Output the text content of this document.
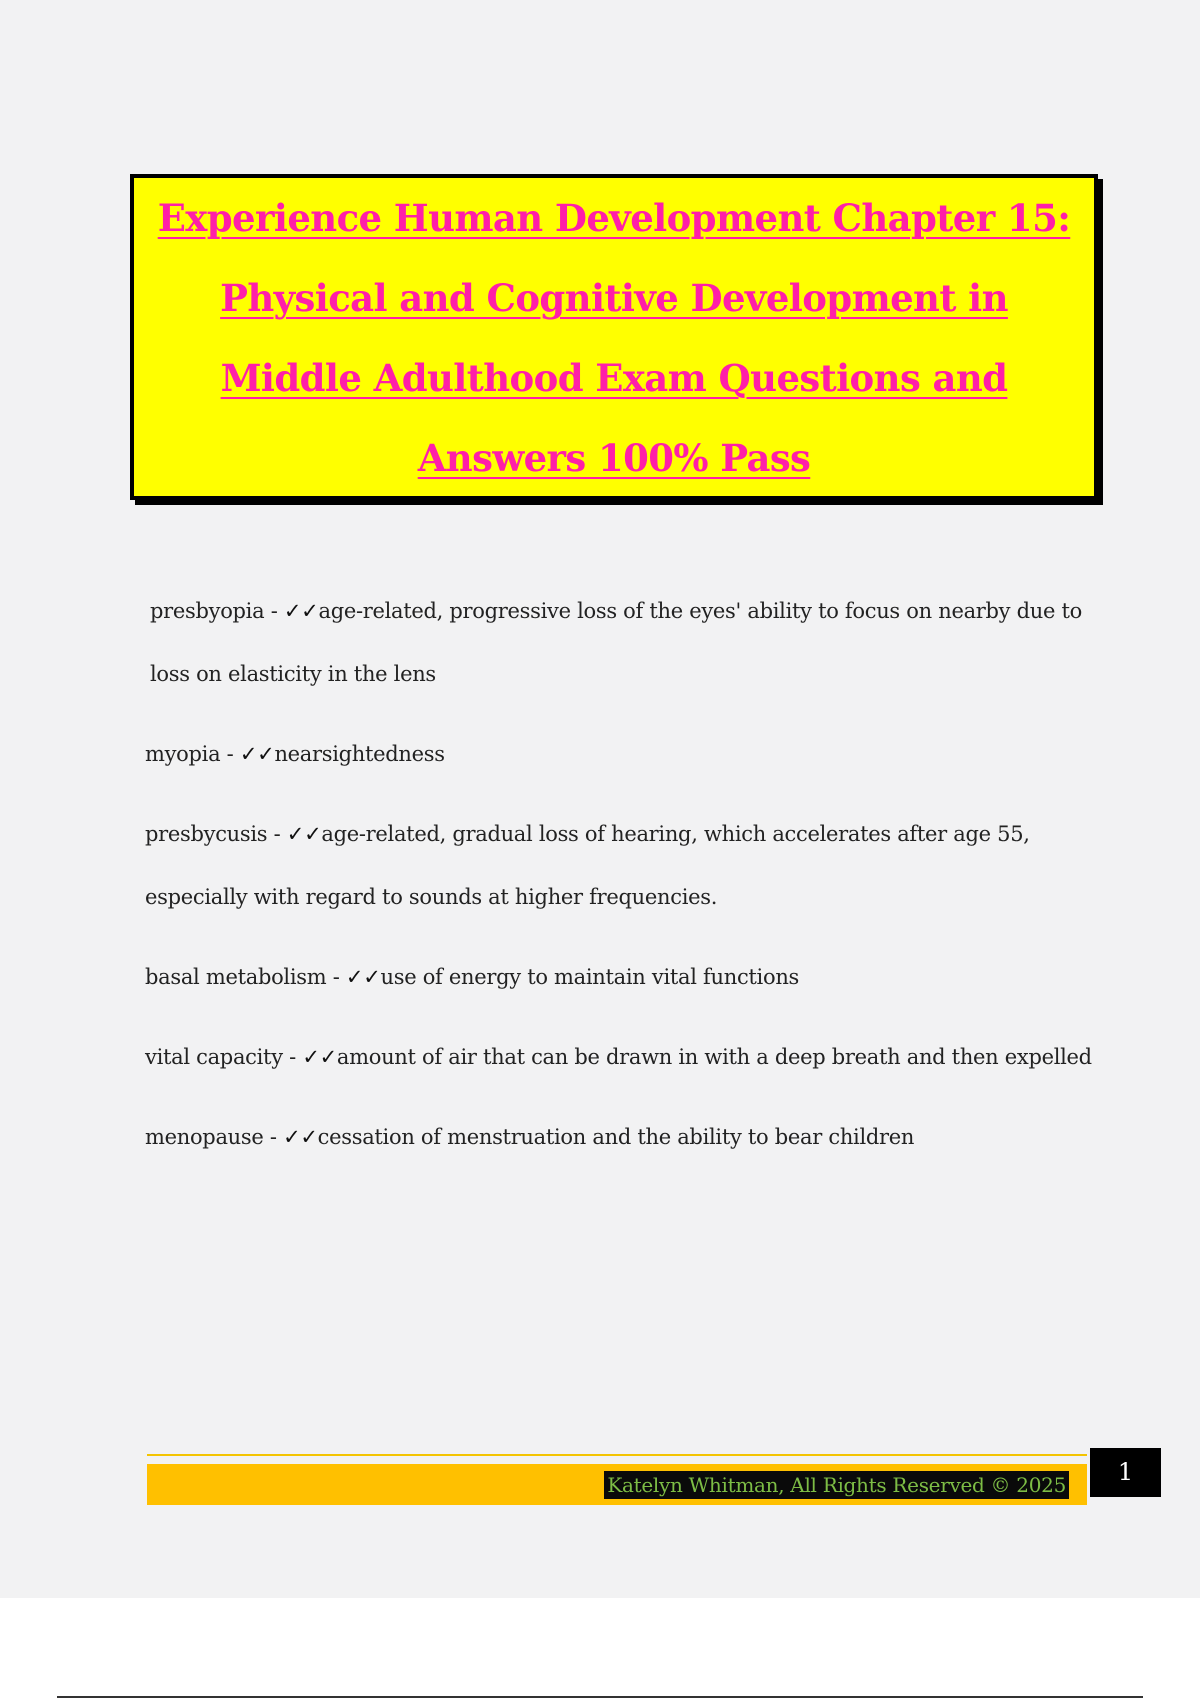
Experience Human Development Chapter 15:
Physical and Cognitive Development in
Middle Adulthood Exam Questions and
Answers 100% Pass
presbyopia - ✓✓age-related, progressive loss of the eyes' ability to focus on nearby due to loss on elasticity in the lens
myopia - ✓✓nearsightedness
presbycusis - ✓✓age-related, gradual loss of hearing, which accelerates after age 55, especially with regard to sounds at higher frequencies.
basal metabolism - ✓✓use of energy to maintain vital functions
vital capacity - ✓✓amount of air that can be drawn in with a deep breath and then expelled
menopause - ✓✓cessation of menstruation and the ability to bear children
Katelyn Whitman, All Rights Reserved © 2025	1
